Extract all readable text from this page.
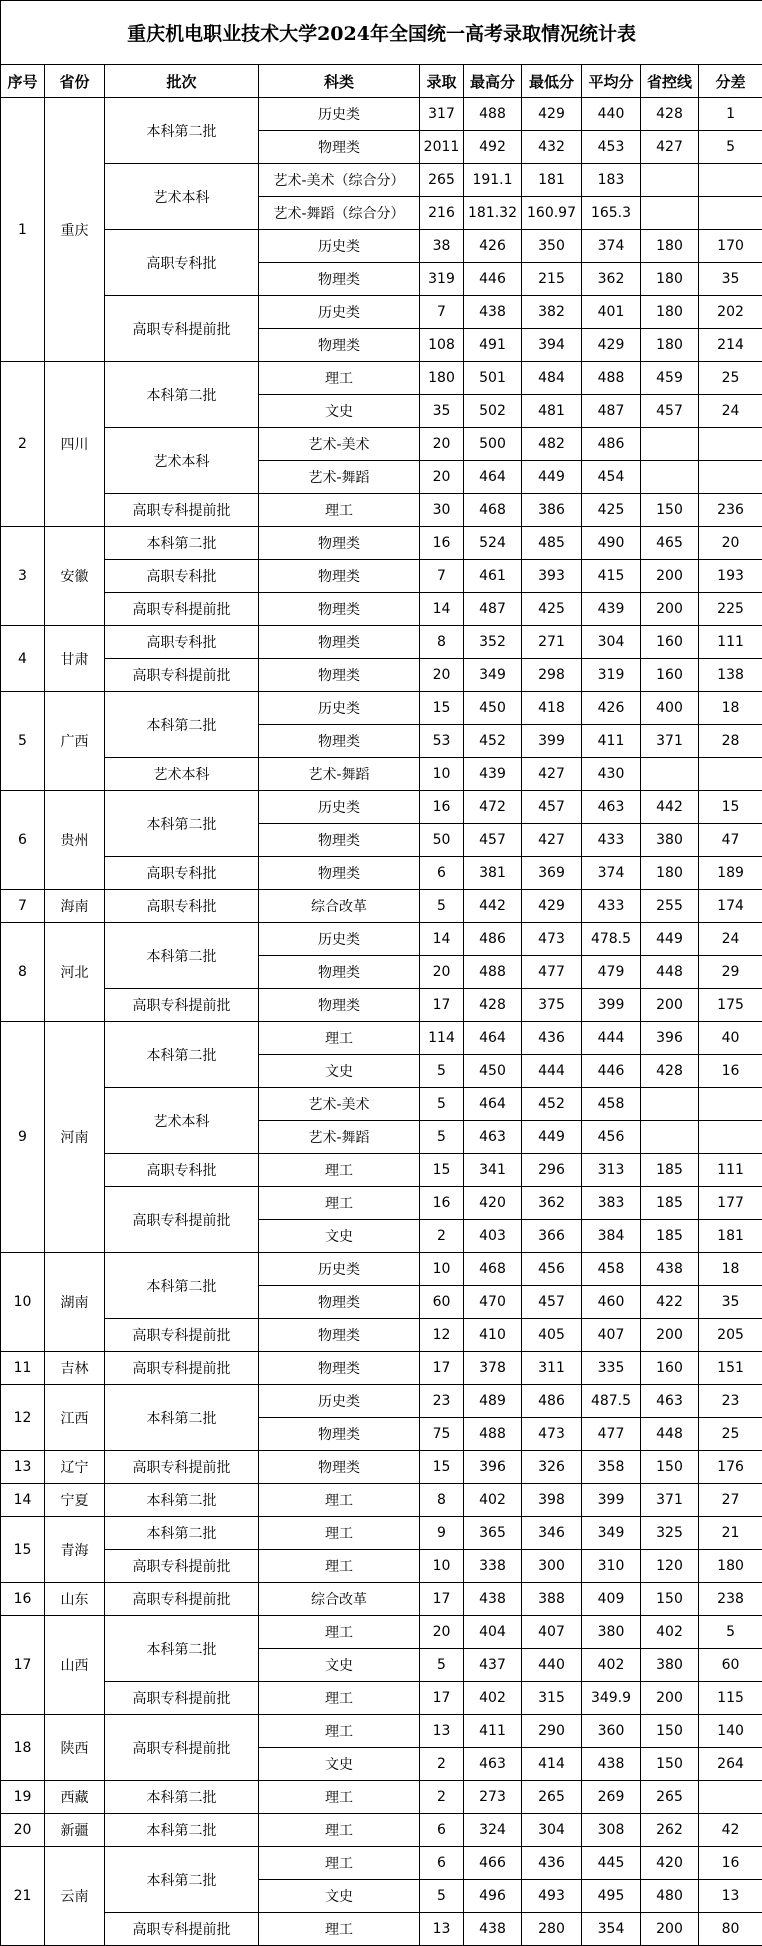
重庆机电职业技术大学2024年全国统一高考录取情况统计表									
序号	省份	批次	科类	录取	最高分	最低分	平均分	省控线	分差
1	重庆	本科第二批	历史类	317	488	429	440	428	1
			物理类	2011	492	432	453	427	5
		艺术本科	艺术-美术（综合分）	265	191.1	181	183		
			艺术-舞蹈（综合分）	216	181.32	160.97	165.3		
		高职专科批	历史类	38	426	350	374	180	170
			物理类	319	446	215	362	180	35
		高职专科提前批	历史类	7	438	382	401	180	202
			物理类	108	491	394	429	180	214
2	四川	本科第二批	理工	180	501	484	488	459	25
			文史	35	502	481	487	457	24
		艺术本科	艺术-美术	20	500	482	486		
			艺术-舞蹈	20	464	449	454		
		高职专科提前批	理工	30	468	386	425	150	236
3	安徽	本科第二批	物理类	16	524	485	490	465	20
		高职专科批	物理类	7	461	393	415	200	193
		高职专科提前批	物理类	14	487	425	439	200	225
4	甘肃	高职专科批	物理类	8	352	271	304	160	111
		高职专科提前批	物理类	20	349	298	319	160	138
5	广西	本科第二批	历史类	15	450	418	426	400	18
			物理类	53	452	399	411	371	28
		艺术本科	艺术-舞蹈	10	439	427	430		
6	贵州	本科第二批	历史类	16	472	457	463	442	15
			物理类	50	457	427	433	380	47
		高职专科批	物理类	6	381	369	374	180	189
7	海南	高职专科批	综合改革	5	442	429	433	255	174
8	河北	本科第二批	历史类	14	486	473	478.5	449	24
			物理类	20	488	477	479	448	29
		高职专科提前批	物理类	17	428	375	399	200	175
9	河南	本科第二批	理工	114	464	436	444	396	40
			文史	5	450	444	446	428	16
		艺术本科	艺术-美术	5	464	452	458		
			艺术-舞蹈	5	463	449	456		
		高职专科批	理工	15	341	296	313	185	111
		高职专科提前批	理工	16	420	362	383	185	177
			文史	2	403	366	384	185	181
10	湖南	本科第二批	历史类	10	468	456	458	438	18
			物理类	60	470	457	460	422	35
		高职专科提前批	物理类	12	410	405	407	200	205
11	吉林	高职专科提前批	物理类	17	378	311	335	160	151
12	江西	本科第二批	历史类	23	489	486	487.5	463	23
			物理类	75	488	473	477	448	25
13	辽宁	高职专科提前批	物理类	15	396	326	358	150	176
14	宁夏	本科第二批	理工	8	402	398	399	371	27
15	青海	本科第二批	理工	9	365	346	349	325	21
		高职专科提前批	理工	10	338	300	310	120	180
16	山东	高职专科提前批	综合改革	17	438	388	409	150	238
17	山西	本科第二批	理工	20	404	407	380	402	5
			文史	5	437	440	402	380	60
		高职专科提前批	理工	17	402	315	349.9	200	115
18	陕西	高职专科提前批	理工	13	411	290	360	150	140
			文史	2	463	414	438	150	264
19	西藏	本科第二批	理工	2	273	265	269	265	
20	新疆	本科第二批	理工	6	324	304	308	262	42
21	云南	本科第二批	理工	6	466	436	445	420	16
			文史	5	496	493	495	480	13
		高职专科提前批	理工	13	438	280	354	200	80
